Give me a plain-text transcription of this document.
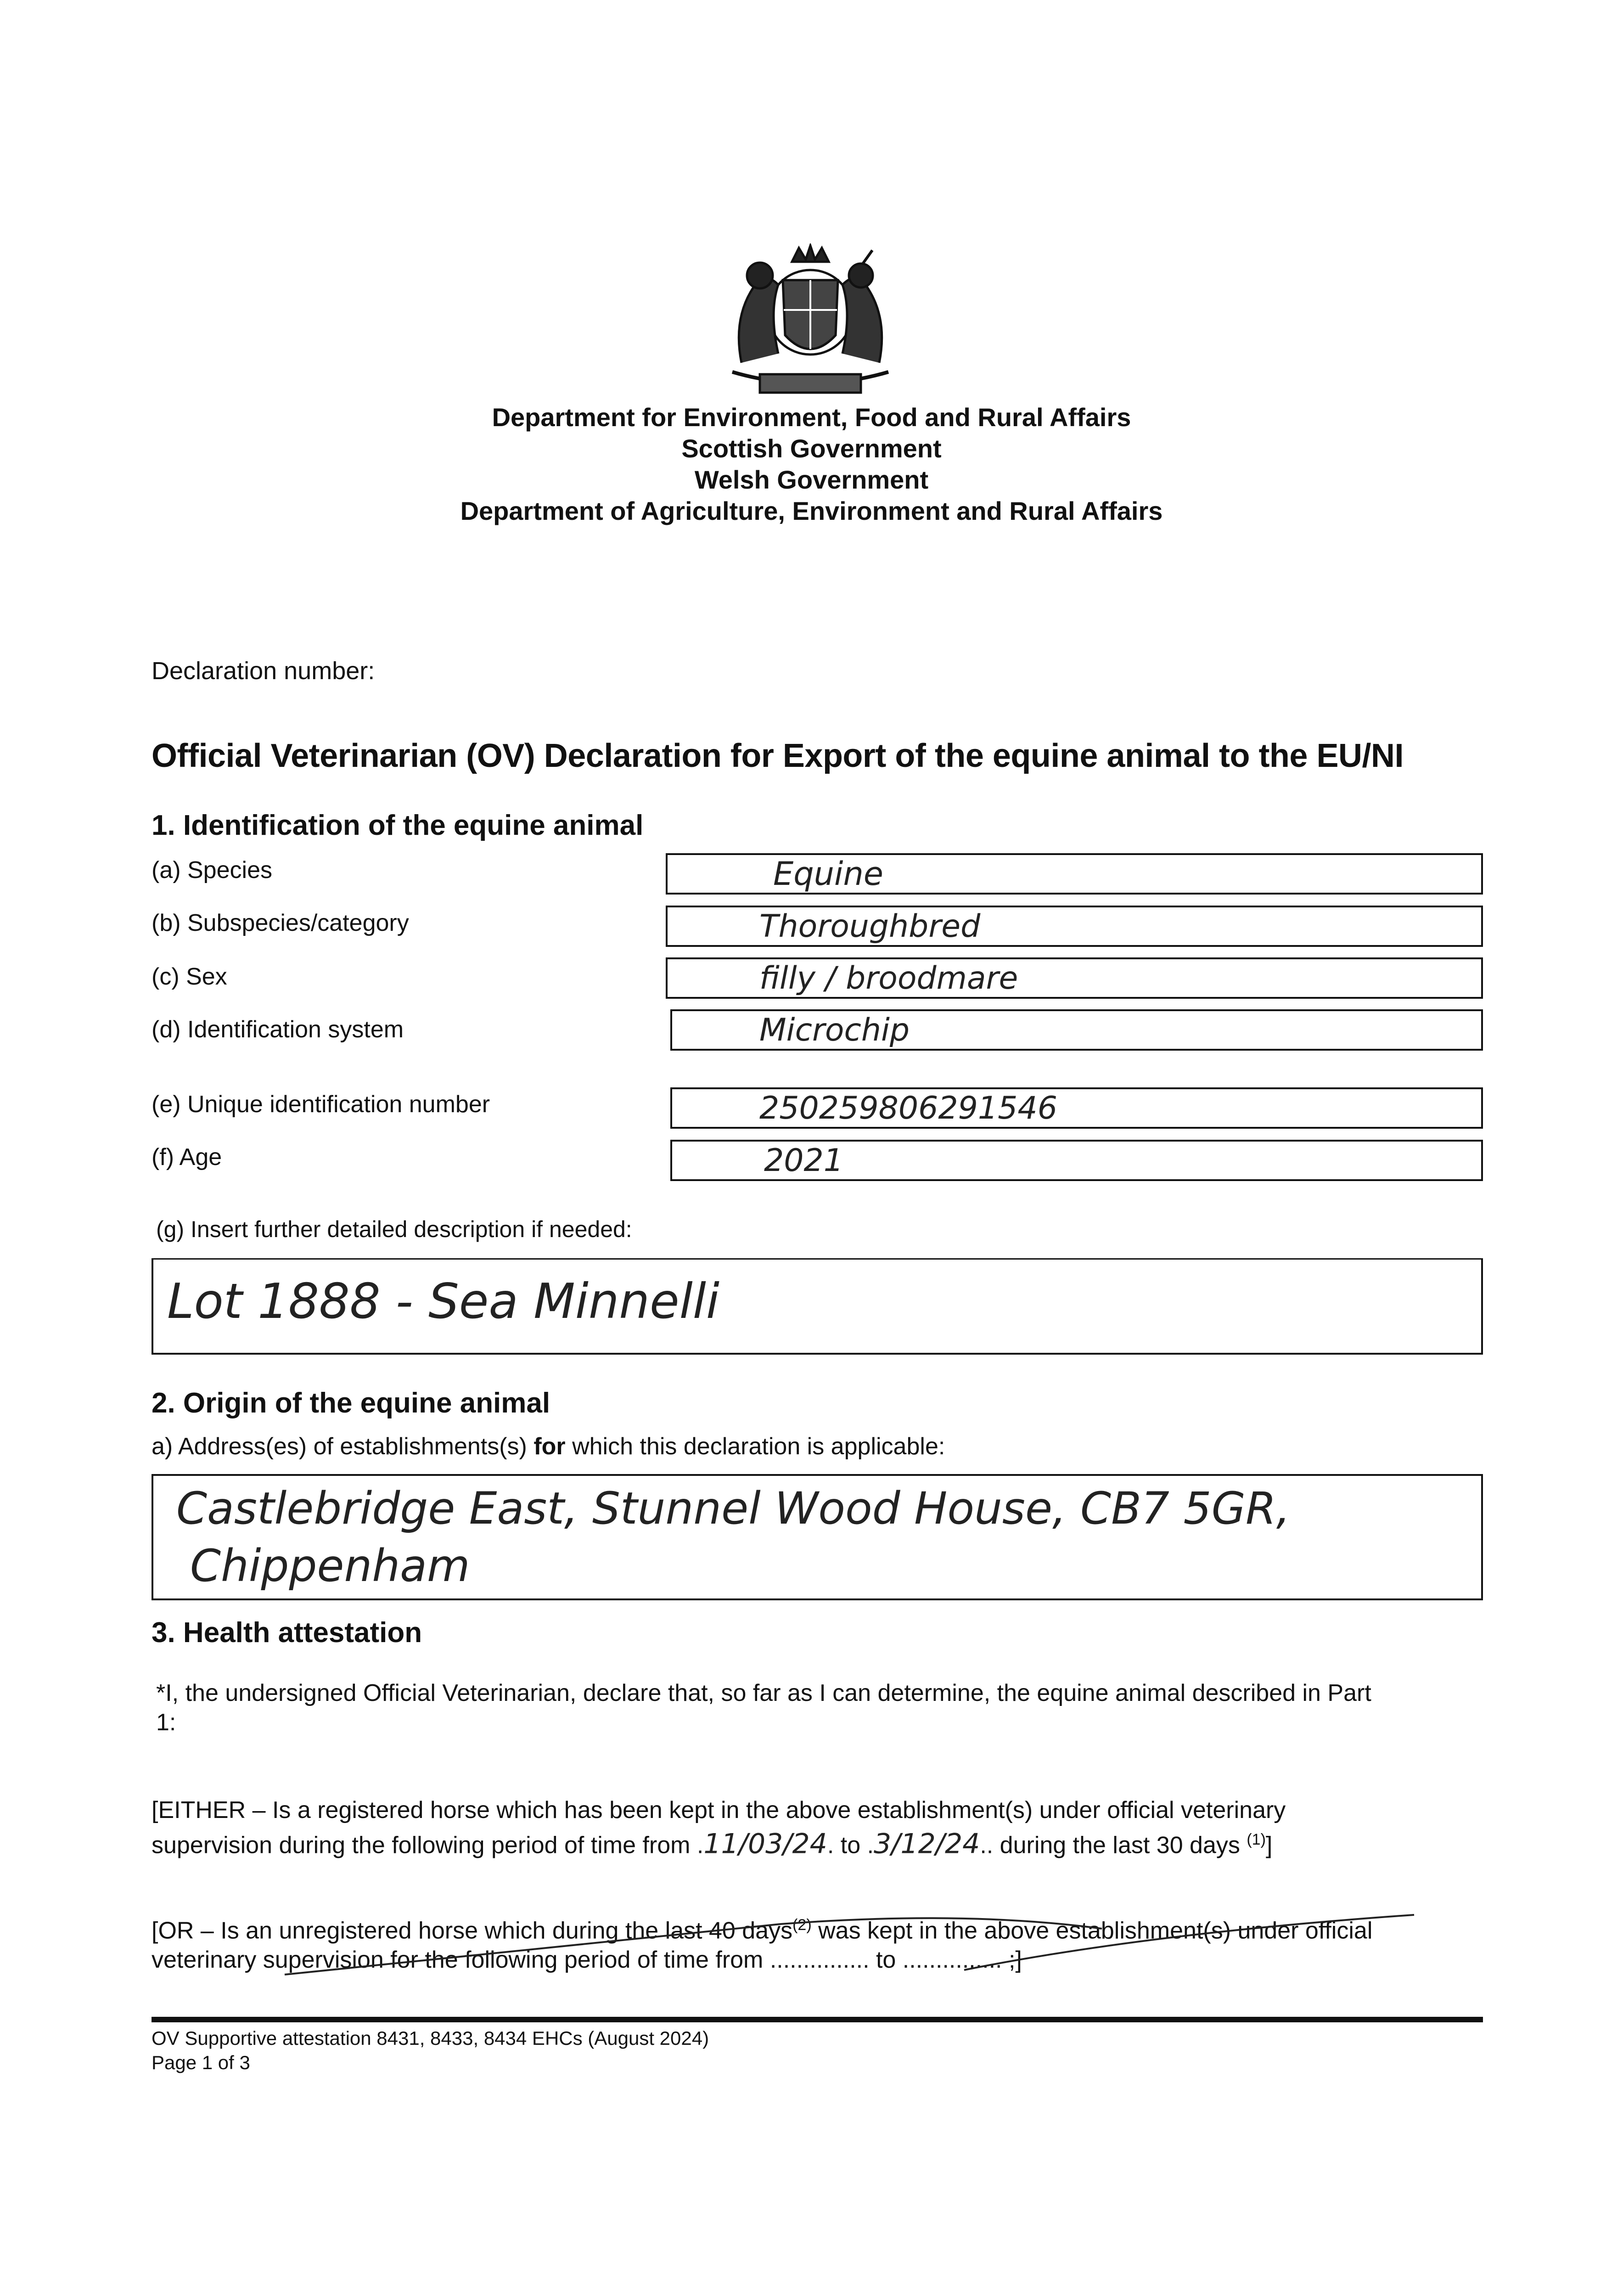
Department for Environment, Food and Rural Affairs
Scottish Government
Welsh Government
Department of Agriculture, Environment and Rural Affairs
Declaration number:
Official Veterinarian (OV) Declaration for Export of the equine animal to the EU/NI
1. Identification of the equine animal
(a) Species	Equine
(b) Subspecies/category	Thoroughbred
(c) Sex	filly / broodmare
(d) Identification system	Microchip
(e) Unique identification number	250259806291546
(f) Age	2021
(g) Insert further detailed description if needed:
Lot 1888 - Sea Minnelli
2. Origin of the equine animal
a) Address(es) of establishments(s) for which this declaration is applicable:
Castlebridge East, Stunnel Wood House, CB7 5GR,
Chippenham
3. Health attestation
*I, the undersigned Official Veterinarian, declare that, so far as I can determine, the equine animal described in Part
1:
[EITHER – Is a registered horse which has been kept in the above establishment(s) under official veterinary
supervision during the following period of time from .11/03/24. to .3/12/24.. during the last 30 days $^{(1)}$]
[OR – Is an unregistered horse which during the last 40 days$^{(2)}$ was kept in the above establishment(s) under official
veterinary supervision for the following period of time from ............... to ............... ;]
OV Supportive attestation 8431, 8433, 8434 EHCs (August 2024)
Page 1 of 3
